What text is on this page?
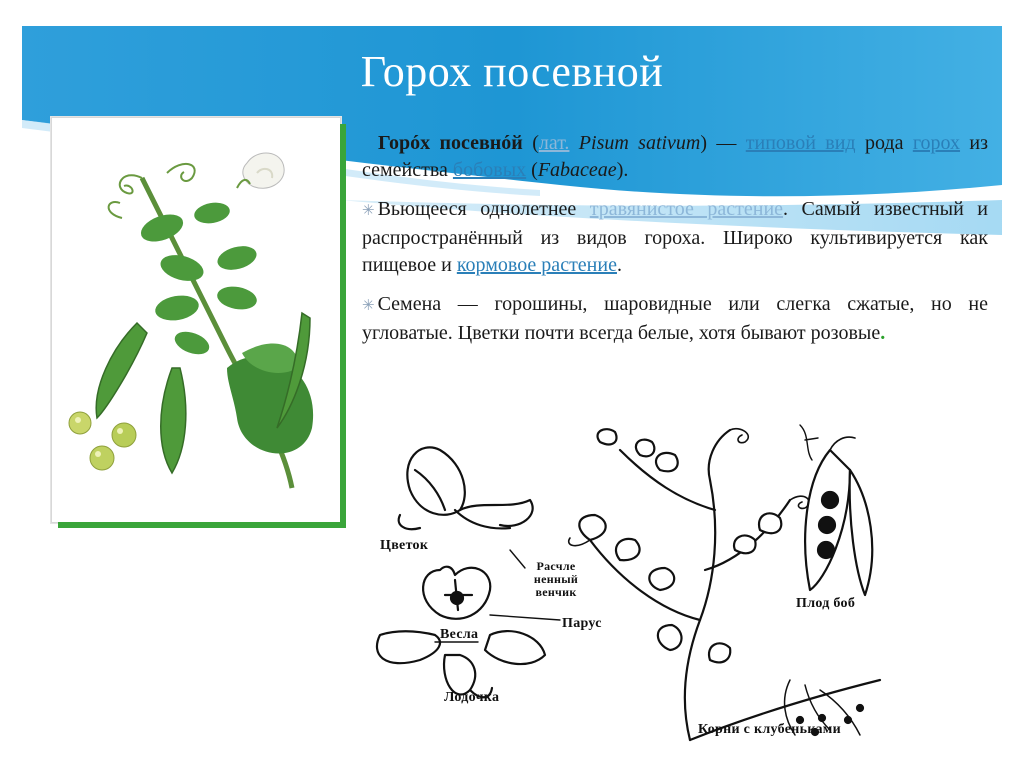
Горох посевной

Горóх посевнóй (лат. Pisum sativum) — типовой вид рода горох из семейства бобовых (Fabaceae).

✳ Вьющееся однолетнее травянистое растение. Самый известный и распространённый из видов гороха. Широко культивируется как пищевое и кормовое растение.

✳ Семена — горошины, шаровидные или слегка сжатые, но не угловатые. Цветки почти всегда белые, хотя бывают розовые.

Цветок
Расчле ненный венчик
Парус
Весла
Лодочка
Плод боб
Корни с клубеньками
